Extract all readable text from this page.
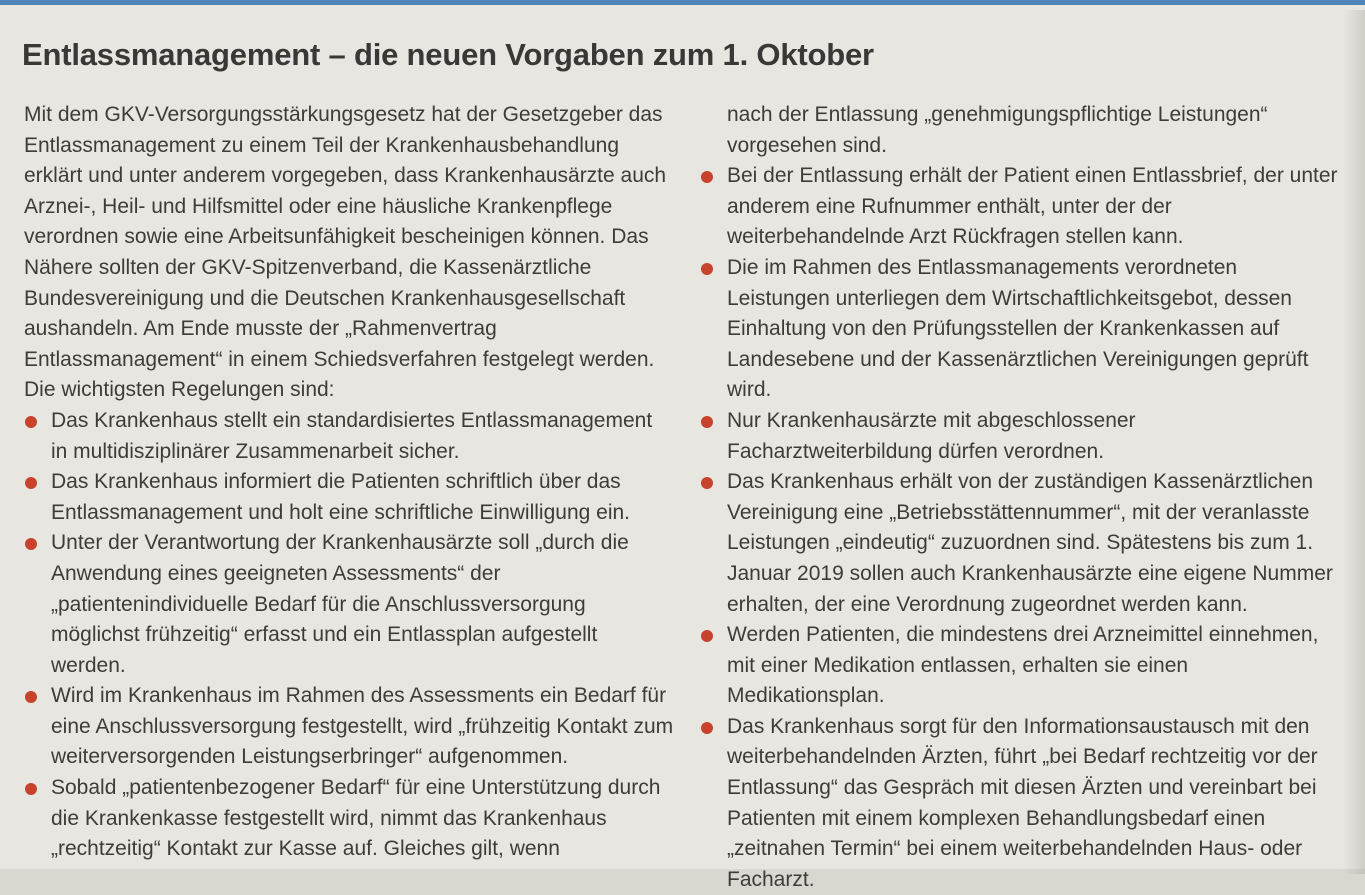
Entlassmanagement – die neuen Vorgaben zum 1. Oktober

Mit dem GKV-Versorgungsstärkungsgesetz hat der Gesetzgeber das Entlassmanagement zu einem Teil der Krankenhausbehandlung erklärt und unter anderem vorgegeben, dass Krankenhausärzte auch Arznei-, Heil- und Hilfsmittel oder eine häusliche Krankenpflege verordnen sowie eine Arbeitsunfähigkeit bescheinigen können. Das Nähere sollten der GKV-Spitzenverband, die Kassenärztliche Bundesvereinigung und die Deutschen Krankenhausgesellschaft aushandeln. Am Ende musste der „Rahmenvertrag Entlassmanagement“ in einem Schiedsverfahren festgelegt werden. Die wichtigsten Regelungen sind:

Das Krankenhaus stellt ein standardisiertes Entlassmanagement in multidisziplinärer Zusammenarbeit sicher.
Das Krankenhaus informiert die Patienten schriftlich über das Entlassmanagement und holt eine schriftliche Einwilligung ein.
Unter der Verantwortung der Krankenhausärzte soll „durch die Anwendung eines geeigneten Assessments“ der „patientenindividuelle Bedarf für die Anschlussversorgung möglichst frühzeitig“ erfasst und ein Entlassplan aufgestellt werden.
Wird im Krankenhaus im Rahmen des Assessments ein Bedarf für eine Anschlussversorgung festgestellt, wird „frühzeitig Kontakt zum weiterversorgenden Leistungserbringer“ aufgenommen.
Sobald „patientenbezogener Bedarf“ für eine Unterstützung durch die Krankenkasse festgestellt wird, nimmt das Krankenhaus „rechtzeitig“ Kontakt zur Kasse auf. Gleiches gilt, wenn

nach der Entlassung „genehmigungspflichtige Leistungen“ vorgesehen sind.

Bei der Entlassung erhält der Patient einen Entlassbrief, der unter anderem eine Rufnummer enthält, unter der der weiterbehandelnde Arzt Rückfragen stellen kann.
Die im Rahmen des Entlassmanagements verordneten Leistungen unterliegen dem Wirtschaftlichkeitsgebot, dessen Einhaltung von den Prüfungsstellen der Krankenkassen auf Landesebene und der Kassenärztlichen Vereinigungen geprüft wird.
Nur Krankenhausärzte mit abgeschlossener Facharztweiterbildung dürfen verordnen.
Das Krankenhaus erhält von der zuständigen Kassenärztlichen Vereinigung eine „Betriebsstättennummer“, mit der veranlasste Leistungen „eindeutig“ zuzuordnen sind. Spätestens bis zum 1. Januar 2019 sollen auch Krankenhausärzte eine eigene Nummer erhalten, der eine Verordnung zugeordnet werden kann.
Werden Patienten, die mindestens drei Arzneimittel einnehmen, mit einer Medikation entlassen, erhalten sie einen Medikationsplan.
Das Krankenhaus sorgt für den Informationsaustausch mit den weiterbehandelnden Ärzten, führt „bei Bedarf rechtzeitig vor der Entlassung“ das Gespräch mit diesen Ärzten und vereinbart bei Patienten mit einem komplexen Behandlungsbedarf einen „zeitnahen Termin“ bei einem weiterbehandelnden Haus- oder Facharzt.
